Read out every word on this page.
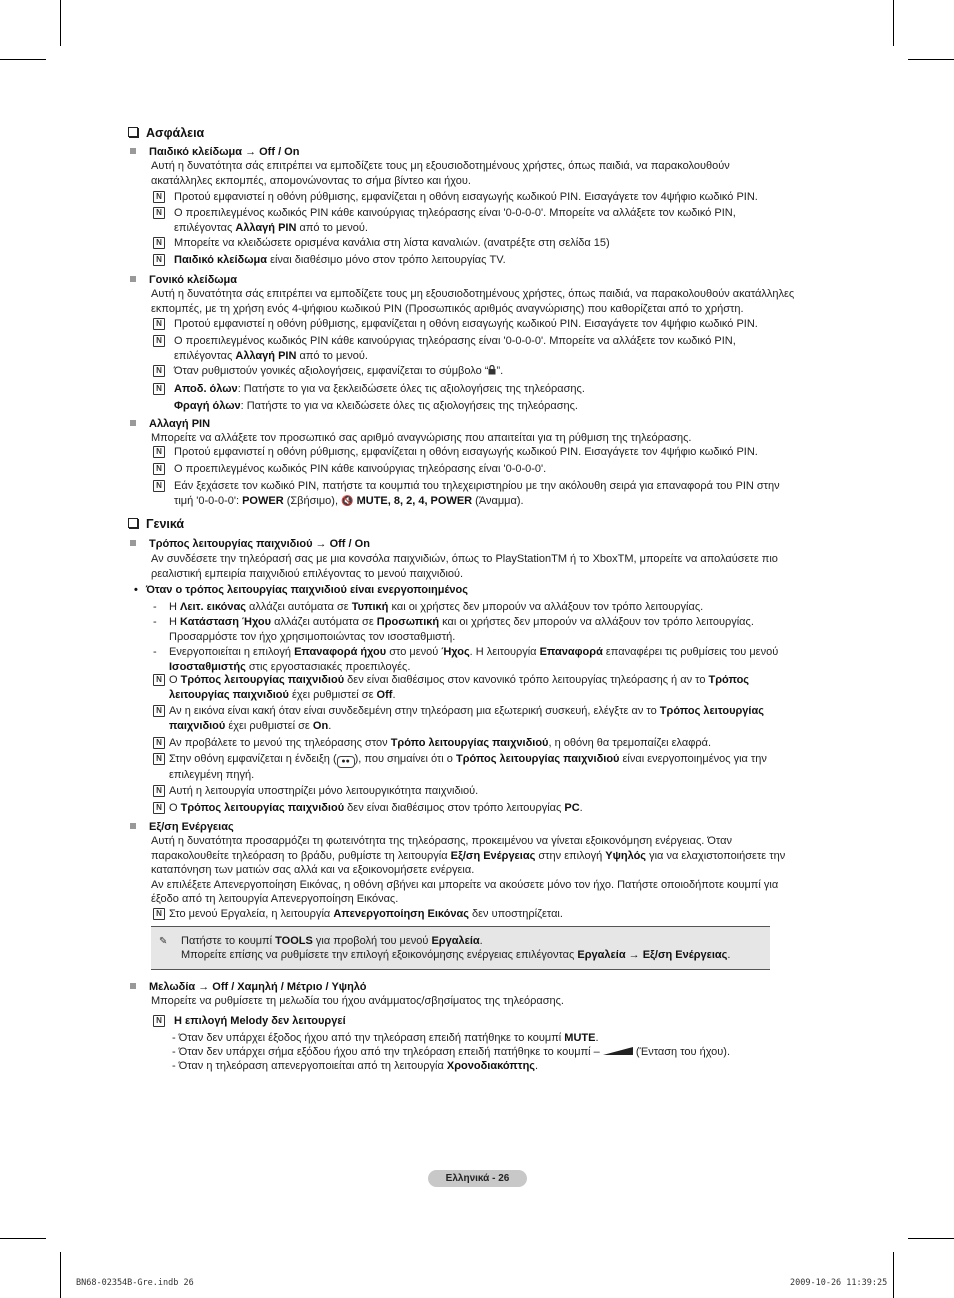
Ασφάλεια
Παιδικό κλείδωμα → Off / On
Αυτή η δυνατότητα σάς επιτρέπει να εμποδίζετε τους μη εξουσιοδοτημένους χρήστες, όπως παιδιά, να παρακολουθούν
ακατάλληλες εκπομπές, απομονώνοντας το σήμα βίντεο και ήχου.
N Προτού εμφανιστεί η οθόνη ρύθμισης, εμφανίζεται η οθόνη εισαγωγής κωδικού PIN. Εισαγάγετε τον 4ψήφιο κωδικό PIN.
N Ο προεπιλεγμένος κωδικός PIN κάθε καινούργιας τηλεόρασης είναι '0-0-0-0'. Μπορείτε να αλλάξετε τον κωδικό PIN,
επιλέγοντας Αλλαγή PIN από το μενού.
N Μπορείτε να κλειδώσετε ορισμένα κανάλια στη λίστα καναλιών. (ανατρέξτε στη σελίδα 15)
N Παιδικό κλείδωμα είναι διαθέσιμο μόνο στον τρόπο λειτουργίας TV.
Γονικό κλείδωμα
Αυτή η δυνατότητα σάς επιτρέπει να εμποδίζετε τους μη εξουσιοδοτημένους χρήστες, όπως παιδιά, να παρακολουθούν ακατάλληλες
εκπομπές, με τη χρήση ενός 4-ψήφιου κωδικού PIN (Προσωπικός αριθμός αναγνώρισης) που καθορίζεται από το χρήστη.
N Προτού εμφανιστεί η οθόνη ρύθμισης, εμφανίζεται η οθόνη εισαγωγής κωδικού PIN. Εισαγάγετε τον 4ψήφιο κωδικό PIN.
N Ο προεπιλεγμένος κωδικός PIN κάθε καινούργιας τηλεόρασης είναι '0-0-0-0'. Μπορείτε να αλλάξετε τον κωδικό PIN,
επιλέγοντας Αλλαγή PIN από το μενού.
N Όταν ρυθμιστούν γονικές αξιολογήσεις, εμφανίζεται το σύμβολο “ ”.
N Αποδ. όλων: Πατήστε το για να ξεκλειδώσετε όλες τις αξιολογήσεις της τηλεόρασης.
Φραγή όλων: Πατήστε το για να κλειδώσετε όλες τις αξιολογήσεις της τηλεόρασης.
Αλλαγή PIN
Μπορείτε να αλλάξετε τον προσωπικό σας αριθμό αναγνώρισης που απαιτείται για τη ρύθμιση της τηλεόρασης.
N Προτού εμφανιστεί η οθόνη ρύθμισης, εμφανίζεται η οθόνη εισαγωγής κωδικού PIN. Εισαγάγετε τον 4ψήφιο κωδικό PIN.
N Ο προεπιλεγμένος κωδικός PIN κάθε καινούργιας τηλεόρασης είναι '0-0-0-0'.
N Εάν ξεχάσετε τον κωδικό PIN, πατήστε τα κουμπιά του τηλεχειριστηρίου με την ακόλουθη σειρά για επαναφορά του PIN στην
τιμή '0-0-0-0': POWER (Σβήσιμο), 🔇 MUTE, 8, 2, 4, POWER (Άναμμα).
Γενικά
Τρόπος λειτουργίας παιχνιδιού → Off / On
Αν συνδέσετε την τηλεόρασή σας με μια κονσόλα παιχνιδιών, όπως το PlayStationTM ή το XboxTM, μπορείτε να απολαύσετε πιο
ρεαλιστική εμπειρία παιχνιδιού επιλέγοντας το μενού παιχνιδιού.
• Όταν ο τρόπος λειτουργίας παιχνιδιού είναι ενεργοποιημένος
- Η Λειτ. εικόνας αλλάζει αυτόματα σε Τυπική και οι χρήστες δεν μπορούν να αλλάξουν τον τρόπο λειτουργίας.
- Η Κατάσταση Ήχου αλλάζει αυτόματα σε Προσωπική και οι χρήστες δεν μπορούν να αλλάξουν τον τρόπο λειτουργίας.
Προσαρμόστε τον ήχο χρησιμοποιώντας τον ισοσταθμιστή.
- Ενεργοποιείται η επιλογή Επαναφορά ήχου στο μενού Ήχος. Η λειτουργία Επαναφορά επαναφέρει τις ρυθμίσεις του μενού
Ισοσταθμιστής στις εργοστασιακές προεπιλογές.
N Ο Τρόπος λειτουργίας παιχνιδιού δεν είναι διαθέσιμος στον κανονικό τρόπο λειτουργίας τηλεόρασης ή αν το Τρόπος
λειτουργίας παιχνιδιού έχει ρυθμιστεί σε Off.
N Αν η εικόνα είναι κακή όταν είναι συνδεδεμένη στην τηλεόραση μια εξωτερική συσκευή, ελέγξτε αν το Τρόπος λειτουργίας
παιχνιδιού έχει ρυθμιστεί σε On.
N Αν προβάλετε το μενού της τηλεόρασης στον Τρόπο λειτουργίας παιχνιδιού, η οθόνη θα τρεμοπαίζει ελαφρά.
N Στην οθόνη εμφανίζεται η ένδειξη ( ●● ), που σημαίνει ότι ο Τρόπος λειτουργίας παιχνιδιού είναι ενεργοποιημένος για την
επιλεγμένη πηγή.
N Αυτή η λειτουργία υποστηρίζει μόνο λειτουργικότητα παιχνιδιού.
N Ο Τρόπος λειτουργίας παιχνιδιού δεν είναι διαθέσιμος στον τρόπο λειτουργίας PC.
Εξ/ση Ενέργειας
Αυτή η δυνατότητα προσαρμόζει τη φωτεινότητα της τηλεόρασης, προκειμένου να γίνεται εξοικονόμηση ενέργειας. Όταν
παρακολουθείτε τηλεόραση το βράδυ, ρυθμίστε τη λειτουργία Εξ/ση Ενέργειας στην επιλογή Υψηλός για να ελαχιστοποιήσετε την
καταπόνηση των ματιών σας αλλά και να εξοικονομήσετε ενέργεια.
Αν επιλέξετε Απενεργοποίηση Εικόνας, η οθόνη σβήνει και μπορείτε να ακούσετε μόνο τον ήχο. Πατήστε οποιοδήποτε κουμπί για
έξοδο από τη λειτουργία Απενεργοποίηση Εικόνας.
N Στο μενού Εργαλεία, η λειτουργία Απενεργοποίηση Εικόνας δεν υποστηρίζεται.
✎	Πατήστε το κουμπί TOOLS για προβολή του μενού Εργαλεία.
Μπορείτε επίσης να ρυθμίσετε την επιλογή εξοικονόμησης ενέργειας επιλέγοντας Εργαλεία → Εξ/ση Ενέργειας.
Μελωδία → Off / Χαμηλή / Μέτριο / Υψηλό
Μπορείτε να ρυθμίσετε τη μελωδία του ήχου ανάμματος/σβησίματος της τηλεόρασης.
N Η επιλογή Melody δεν λειτουργεί
- Όταν δεν υπάρχει έξοδος ήχου από την τηλεόραση επειδή πατήθηκε το κουμπί MUTE.
- Όταν δεν υπάρχει σήμα εξόδου ήχου από την τηλεόραση επειδή πατήθηκε το κουμπί –	(Ένταση του ήχου).
- Όταν η τηλεόραση απενεργοποιείται από τη λειτουργία Χρονοδιακόπτης.
Ελληνικά - 26
BN68-02354B-Gre.indb 26	2009-10-26 11:39:25
